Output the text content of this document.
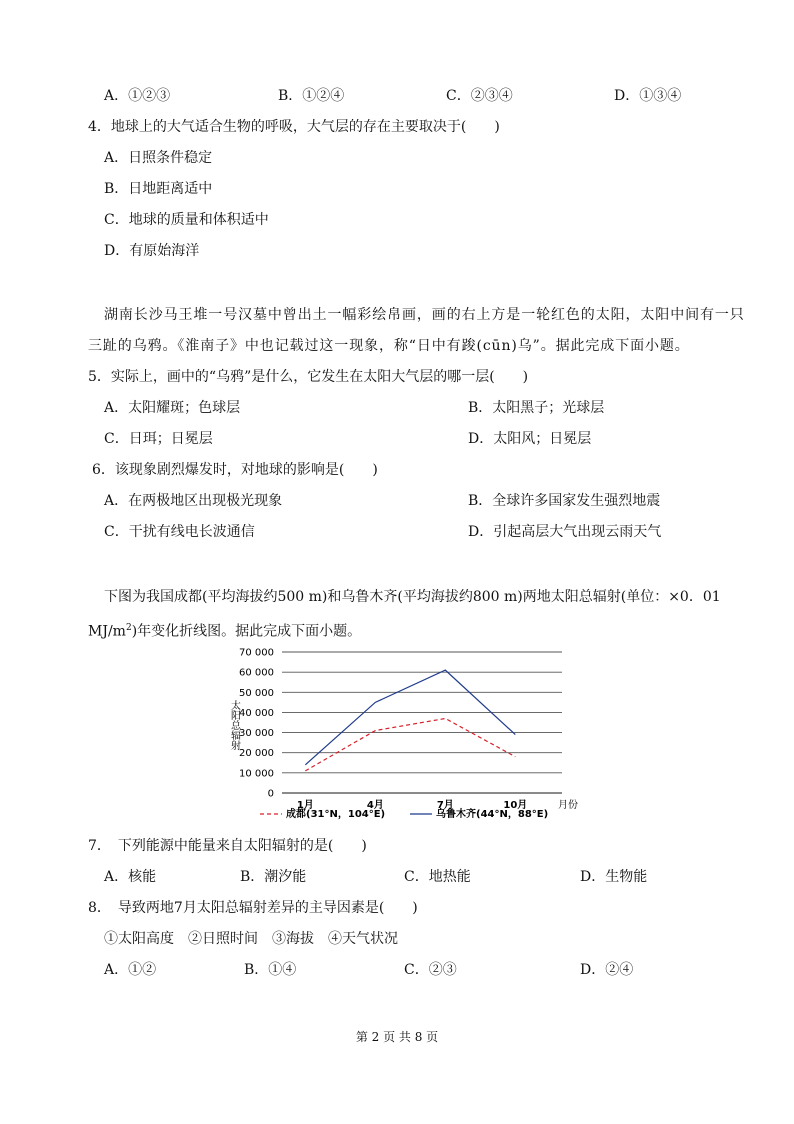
A．①②③	B．①②④	C．②③④	D．①③④
4．地球上的大气适合生物的呼吸，大气层的存在主要取决于(　　)
A．日照条件稳定
B．日地距离适中
C．地球的质量和体积适中
D．有原始海洋
湖南长沙马王堆一号汉墓中曾出土一幅彩绘帛画，画的右上方是一轮红色的太阳，太阳中间有一只
三趾的乌鸦。《淮南子》中也记载过这一现象，称“日中有踆(cūn)乌”。据此完成下面小题。
5．实际上，画中的“乌鸦”是什么，它发生在太阳大气层的哪一层(　　)
A．太阳耀斑；色球层	B．太阳黑子；光球层
C．日珥；日冕层	D．太阳风；日冕层
6．该现象剧烈爆发时，对地球的影响是(　　)
A．在两极地区出现极光现象	B．全球许多国家发生强烈地震
C．干扰有线电长波通信	D．引起高层大气出现云雨天气
下图为我国成都(平均海拔约500 m)和乌鲁木齐(平均海拔约800 m)两地太阳总辐射(单位：×0．01
$MJ/m^2$)年变化折线图。据此完成下面小题。
0
10 000
20 000
30 000
40 000
50 000
60 000
70 000
1月	4月	7月	10月
太阳总辐射
月份
成都(31°N，104°E)	乌鲁木齐(44°N，88°E)
7．　下列能源中能量来自太阳辐射的是(　　)
A．核能	B．潮汐能	C．地热能	D．生物能
8．　导致两地7月太阳总辐射差异的主导因素是(　　)
①太阳高度　②日照时间　③海拔　④天气状况
A．①②	B．①④	C．②③	D．②④
第 2 页 共 8 页
